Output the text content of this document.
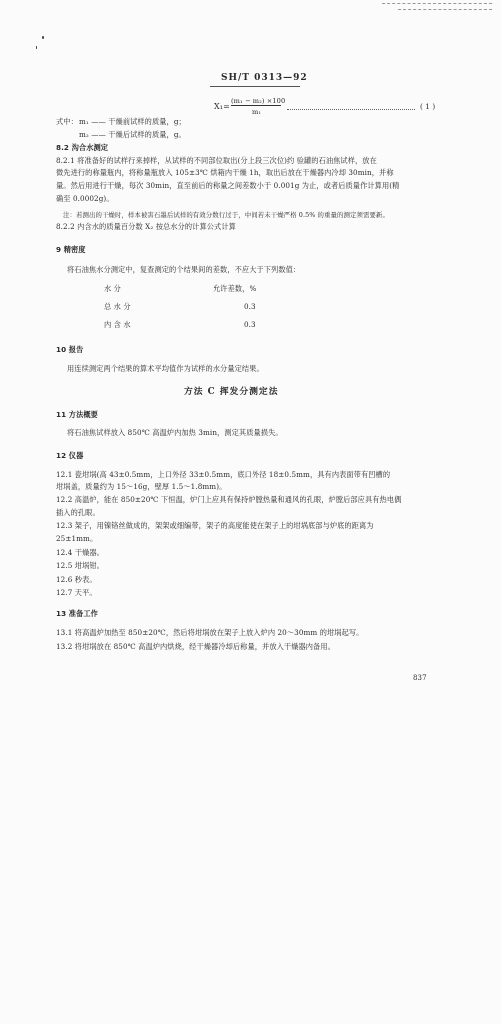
SH/T 0313—92
X₁=
(m₁ − m₂) ×100
m₁
( 1 )
式中： m₁ —— 干燥前试样的质量，g；
m₂ —— 干燥后试样的质量，g。
8.2 沟合水测定
8.2.1 将准备好的试样行来掉样，从试样的不同部位取出(分上段三次位)约 验罐的石油焦试样，放在
微先进行的称量瓶内，将称量瓶放入 105±3℃ 烘箱内干燥 1h，取出后放在干燥器内冷却 30min，并称
量。然后用进行干燥，每次 30min，直至前后的称量之间差数小于 0.001g 为止，或者后质量作计算用(精
确至 0.0002g)。
注：若测出的干燥时，样本被害石墨后试样的有效分数行过于，中间若未干燥严格 0.5% 的重量的测定须需要新。
8.2.2 内含水的质量百分数 X₂ 按总水分的计算公式计算
9 精密度
将石油焦水分测定中，复查测定的个结果间的差数，不应大于下列数值：
水 分	允许差数，%
总 水 分	0.3
内 含 水	0.3
10 报告
用连续测定两个结果的算术平均值作为试样的水分量定结果。
方法 C 挥发分测定法
11 方法概要
将石油焦试样放入 850℃ 高温炉内加热 3min，测定其质量损失。
12 仪器
12.1 瓷坩埚(高 43±0.5mm，上口外径 33±0.5mm，底口外径 18±0.5mm，具有内表面带有凹槽的
坩埚盖，质量约为 15～16g，壁厚 1.5～1.8mm)。
12.2 高温炉，能在 850±20℃ 下恒温，炉门上应具有保持炉膛热量和通风的孔眼，炉膛后部应具有热电偶
插入的孔眼。
12.3 架子，用镍铬丝做成的，架架或细编带，架子的高度能使在架子上的坩埚底部与炉底的距离为
25±1mm。
12.4 干燥器。
12.5 坩埚钳。
12.6 秒表。
12.7 天平。
13 准备工作
13.1 将高温炉加热至 850±20℃，然后将坩埚放在架子上放入炉内 20～30mm 的坩埚起写。
13.2 将坩埚放在 850℃ 高温炉内烘烧，经干燥器冷却后称量，并放入干燥器内备用。
837
